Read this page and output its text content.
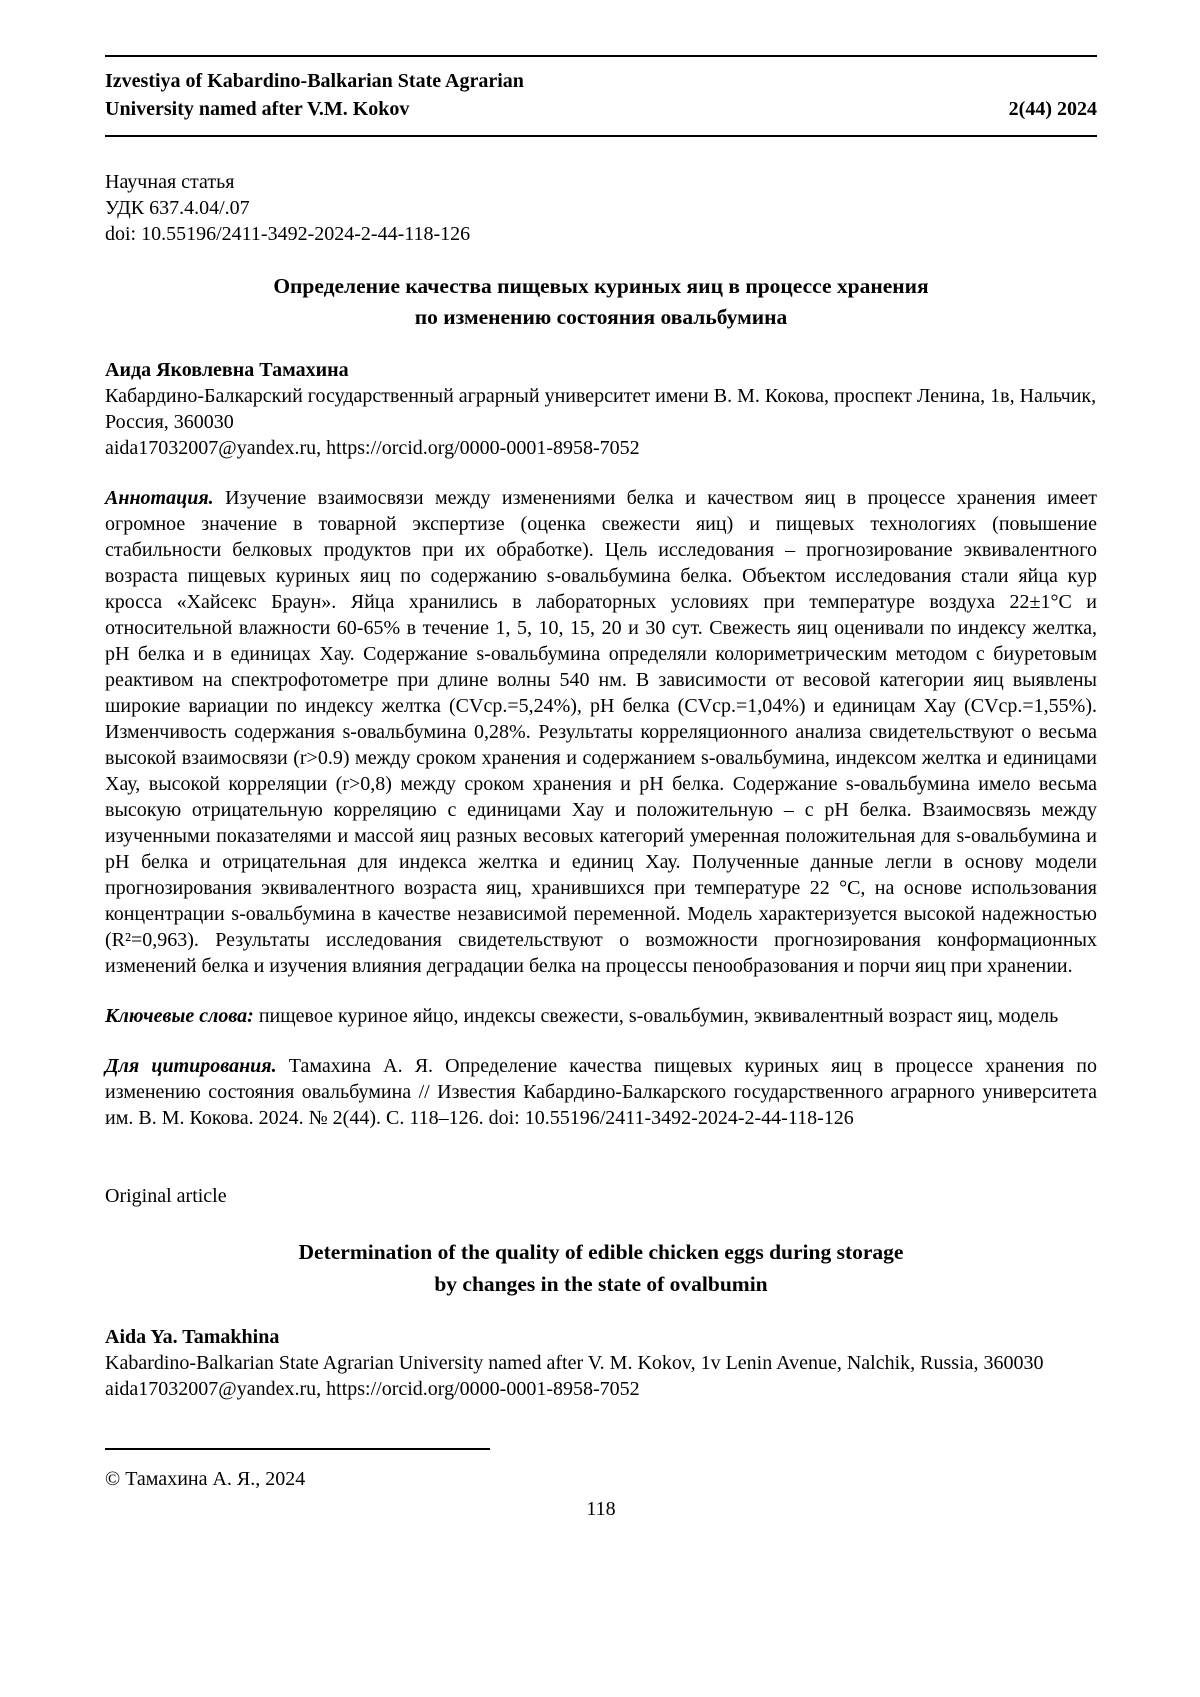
Izvestiya of Kabardino-Balkarian State Agrarian
University named after V.M. Kokov	2(44) 2024
Научная статья
УДК 637.4.04/.07
doi: 10.55196/2411-3492-2024-2-44-118-126
Определение качества пищевых куриных яиц в процессе хранения
по изменению состояния овальбумина
Аида Яковлевна Тамахина
Кабардино-Балкарский государственный аграрный университет имени В. М. Кокова, проспект Ленина, 1в, Нальчик, Россия, 360030
aida17032007@yandex.ru, https://orcid.org/0000-0001-8958-7052

Аннотация. Изучение взаимосвязи между изменениями белка и качеством яиц в процессе хранения имеет огромное значение в товарной экспертизе (оценка свежести яиц) и пищевых технологиях (повышение стабильности белковых продуктов при их обработке). Цель исследования – прогнозирование эквивалентного возраста пищевых куриных яиц по содержанию s-овальбумина белка. Объектом исследования стали яйца кур кросса «Хайсекс Браун». Яйца хранились в лабораторных условиях при температуре воздуха 22±1°С и относительной влажности 60-65% в течение 1, 5, 10, 15, 20 и 30 сут. Свежесть яиц оценивали по индексу желтка, pH белка и в единицах Хау. Содержание s-овальбумина определяли колориметрическим методом с биуретовым реактивом на спектрофотометре при длине волны 540 нм. В зависимости от весовой категории яиц выявлены широкие вариации по индексу желтка (CVср.=5,24%), pH белка (CVср.=1,04%) и единицам Хау (CVср.=1,55%). Изменчивость содержания s-овальбумина 0,28%. Результаты корреляционного анализа свидетельствуют о весьма высокой взаимосвязи (r>0.9) между сроком хранения и содержанием s-овальбумина, индексом желтка и единицами Хау, высокой корреляции (r>0,8) между сроком хранения и pH белка. Содержание s-овальбумина имело весьма высокую отрицательную корреляцию с единицами Хау и положительную – с pH белка. Взаимосвязь между изученными показателями и массой яиц разных весовых категорий умеренная положительная для s-овальбумина и pH белка и отрицательная для индекса желтка и единиц Хау. Полученные данные легли в основу модели прогнозирования эквивалентного возраста яиц, хранившихся при температуре 22 °С, на основе использования концентрации s-овальбумина в качестве независимой переменной. Модель характеризуется высокой надежностью (R²=0,963). Результаты исследования свидетельствуют о возможности прогнозирования конформационных изменений белка и изучения влияния деградации белка на процессы пенообразования и порчи яиц при хранении.

Ключевые слова: пищевое куриное яйцо, индексы свежести, s-овальбумин, эквивалентный возраст яиц, модель

Для цитирования. Тамахина А. Я. Определение качества пищевых куриных яиц в процессе хранения по изменению состояния овальбумина // Известия Кабардино-Балкарского государственного аграрного университета им. В. М. Кокова. 2024. № 2(44). С. 118–126. doi: 10.55196/2411-3492-2024-2-44-118-126

Original article
Determination of the quality of edible chicken eggs during storage
by changes in the state of ovalbumin
Aida Ya. Tamakhina
Kabardino-Balkarian State Agrarian University named after V. M. Kokov, 1v Lenin Avenue, Nalchik, Russia, 360030
aida17032007@yandex.ru, https://orcid.org/0000-0001-8958-7052
© Тамахина А. Я., 2024
118
